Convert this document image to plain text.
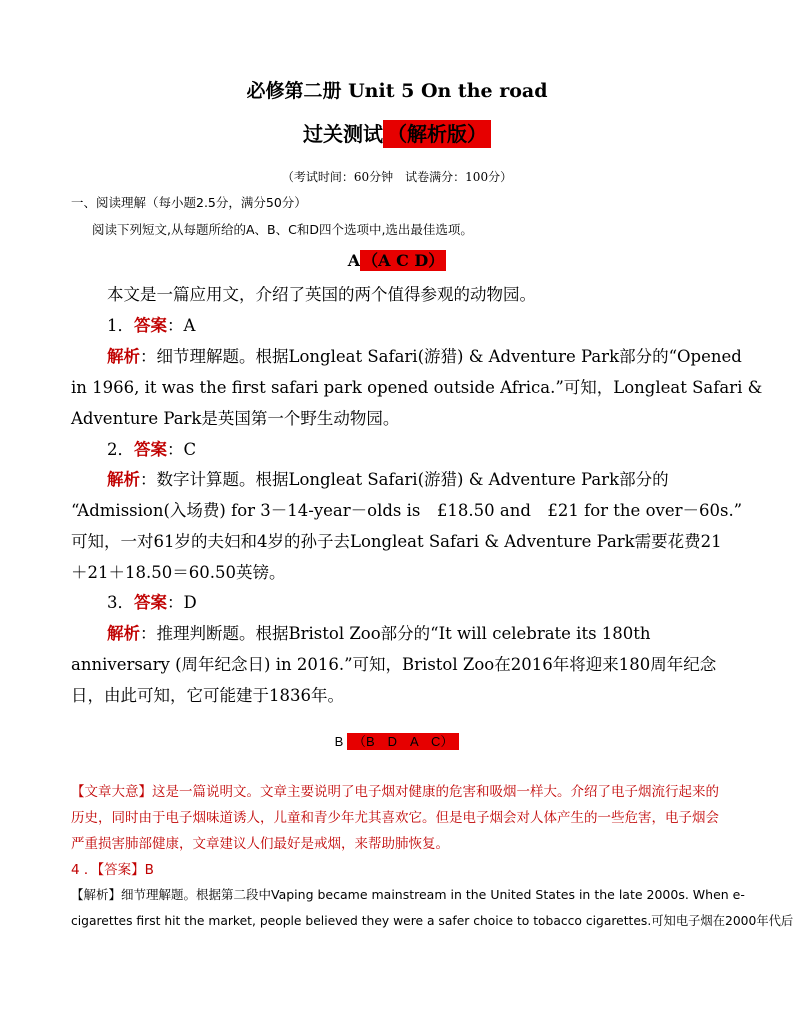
必修第二册 Unit 5 On the road
过关测试 （解析版）
（考试时间：60分钟　试卷满分：100分）
一、阅读理解（每小题2.5分，满分50分）
阅读下列短文,从每题所给的A、B、C和D四个选项中,选出最佳选项。
A （A C D）
本文是一篇应用文，介绍了英国的两个值得参观的动物园。
1．答案：A
解析：细节理解题。根据Longleat Safari(游猎) & Adventure Park部分的“Opened
in 1966, it was the first safari park opened outside Africa.”可知，Longleat Safari &
Adventure Park是英国第一个野生动物园。
2．答案：C
解析：数字计算题。根据Longleat Safari(游猎) & Adventure Park部分的
“Admission(入场费) for 3－14-year－olds is　£18.50 and　£21 for the over－60s.”
可知，一对61岁的夫妇和4岁的孙子去Longleat Safari & Adventure Park需要花费21
＋21＋18.50＝60.50英镑。
3．答案：D
解析：推理判断题。根据Bristol Zoo部分的“It will celebrate its 180th
anniversary (周年纪念日) in 2016.”可知，Bristol Zoo在2016年将迎来180周年纪念
日，由此可知，它可能建于1836年。
B （B　D　A　C）
【文章大意】这是一篇说明文。文章主要说明了电子烟对健康的危害和吸烟一样大。介绍了电子烟流行起来的
历史，同时由于电子烟味道诱人，儿童和青少年尤其喜欢它。但是电子烟会对人体产生的一些危害，电子烟会
严重损害肺部健康，文章建议人们最好是戒烟，来帮助肺恢复。
4 ．【答案】B
【解析】细节理解题。根据第二段中Vaping became mainstream in the United States in the late 2000s. When e-
cigarettes first hit the market, people believed they were a safer choice to tobacco cigarettes.可知电子烟在2000年代后
